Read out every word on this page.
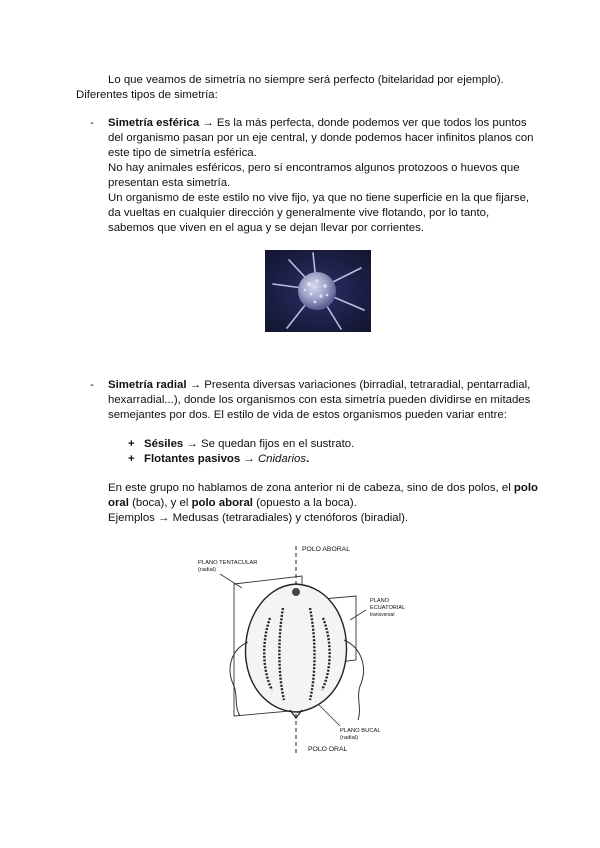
Lo que veamos de simetría no siempre será perfecto (bitelaridad por ejemplo).

Diferentes tipos de simetría:

- Simetría esférica → Es la más perfecta, donde podemos ver que todos los puntos

del organismo pasan por un eje central, y donde podemos hacer infinitos planos con

este tipo de simetría esférica.

No hay animales esféricos, pero sí encontramos algunos protozoos o huevos que

presentan esta simetría.

Un organismo de este estilo no vive fijo, ya que no tiene superficie en la que fijarse,

da vueltas en cualquier dirección y generalmente vive flotando, por lo tanto,

sabemos que viven en el agua y se dejan llevar por corrientes.

- Simetría radial → Presenta diversas variaciones (birradial, tetraradial, pentarradial,

hexarradial...), donde los organismos con esta simetría pueden dividirse en mitades

semejantes por dos. El estilo de vida de estos organismos pueden variar entre:

+ Sésiles → Se quedan fijos en el sustrato.

+ Flotantes pasivos → Cnidarios.

En este grupo no hablamos de zona anterior ni de cabeza, sino de dos polos, el polo

oral (boca), y el polo aboral (opuesto a la boca).

Ejemplos → Medusas (tetraradiales) y ctenóforos (biradial).

POLO ABORAL
PLANO TENTACULAR
(radial)
PLANO
ECUATORIAL
transversal
PLANO BUCAL
(radial)
POLO ORAL
